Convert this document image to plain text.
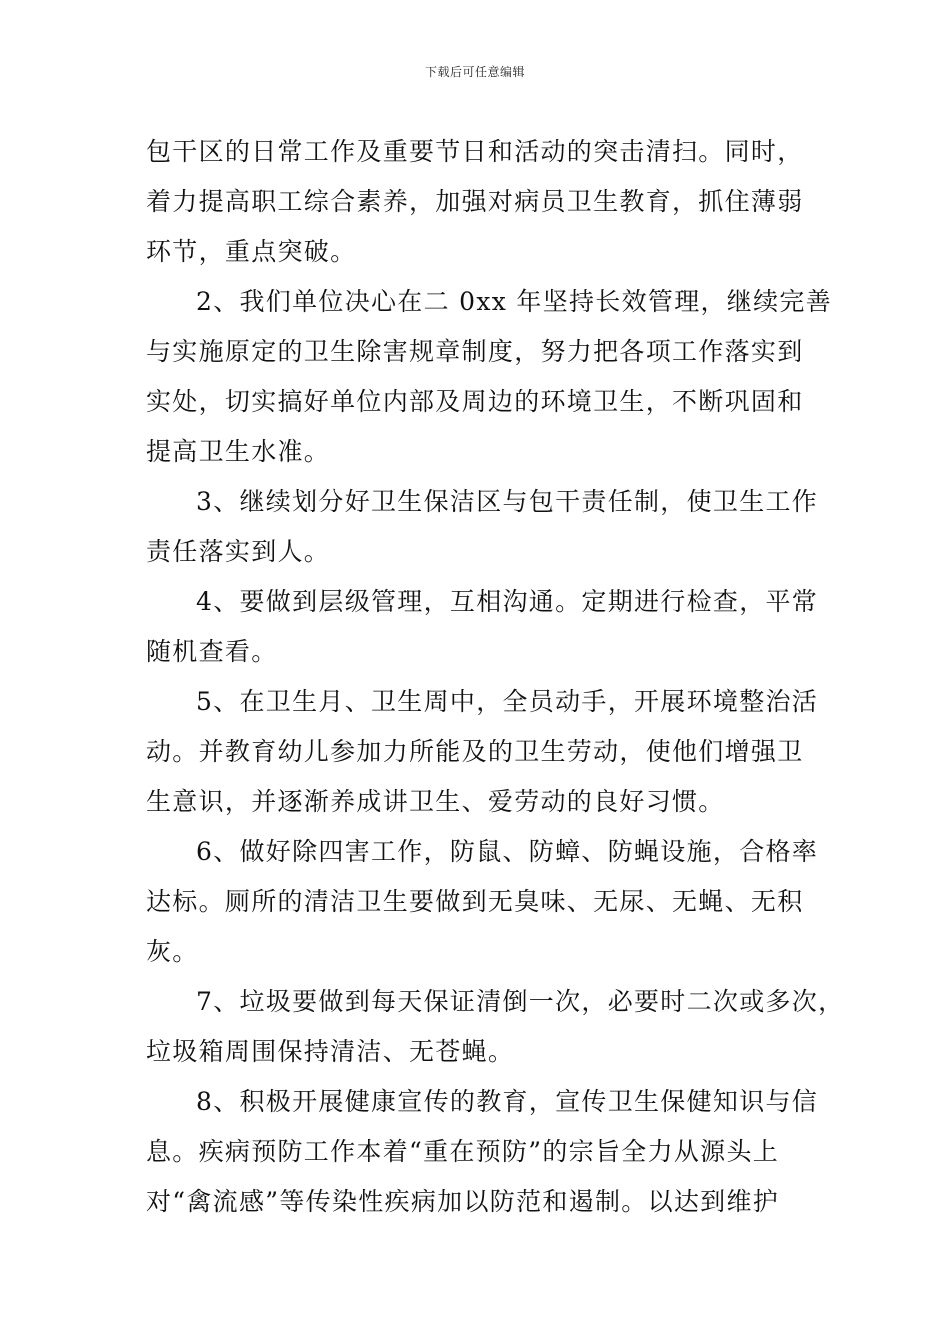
下载后可任意编辑
包干区的日常工作及重要节日和活动的突击清扫。同时，
着力提高职工综合素养，加强对病员卫生教育，抓住薄弱
环节，重点突破。
2、我们单位决心在二 0xx 年坚持长效管理，继续完善
与实施原定的卫生除害规章制度，努力把各项工作落实到
实处，切实搞好单位内部及周边的环境卫生，不断巩固和
提高卫生水准。
3、继续划分好卫生保洁区与包干责任制，使卫生工作
责任落实到人。
4、要做到层级管理，互相沟通。定期进行检查，平常
随机查看。
5、在卫生月、卫生周中，全员动手，开展环境整治活
动。并教育幼儿参加力所能及的卫生劳动，使他们增强卫
生意识，并逐渐养成讲卫生、爱劳动的良好习惯。
6、做好除四害工作，防鼠、防蟑、防蝇设施，合格率
达标。厕所的清洁卫生要做到无臭味、无尿、无蝇、无积
灰。
7、垃圾要做到每天保证清倒一次，必要时二次或多次，
垃圾箱周围保持清洁、无苍蝇。
8、积极开展健康宣传的教育，宣传卫生保健知识与信
息。疾病预防工作本着“重在预防”的宗旨全力从源头上
对“禽流感”等传染性疾病加以防范和遏制。以达到维护
